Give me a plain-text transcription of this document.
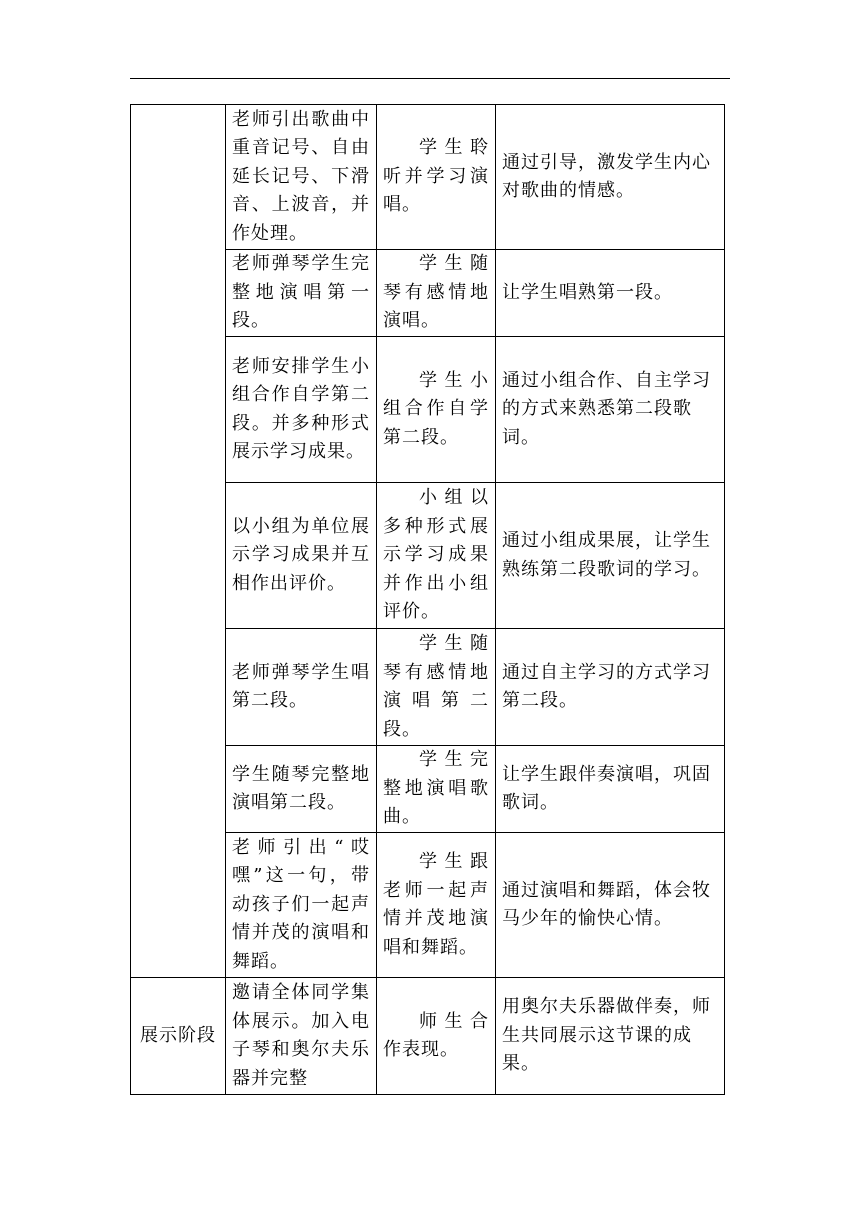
	老师引出歌曲中重音记号、自由延长记号、下滑音、上波音，并作处理。	学生聆听并学习演唱。	通过引导，激发学生内心对歌曲的情感。
	老师弹琴学生完整地演唱第一段。	学生随琴有感情地演唱。	让学生唱熟第一段。
	老师安排学生小组合作自学第二段。并多种形式展示学习成果。	学生小组合作自学第二段。	通过小组合作、自主学习的方式来熟悉第二段歌词。
	以小组为单位展示学习成果并互相作出评价。	小组以多种形式展示学习成果并作出小组评价。	通过小组成果展，让学生熟练第二段歌词的学习。
	老师弹琴学生唱第二段。	学生随琴有感情地演唱第二段。	通过自主学习的方式学习第二段。
	学生随琴完整地演唱第二段。	学生完整地演唱歌曲。	让学生跟伴奏演唱，巩固歌词。
	老师引出“哎嘿”这一句，带动孩子们一起声情并茂的演唱和舞蹈。	学生跟老师一起声情并茂地演唱和舞蹈。	通过演唱和舞蹈，体会牧马少年的愉快心情。
展示阶段	邀请全体同学集体展示。加入电子琴和奥尔夫乐器并完整	师生合作表现。	用奥尔夫乐器做伴奏，师生共同展示这节课的成果。
